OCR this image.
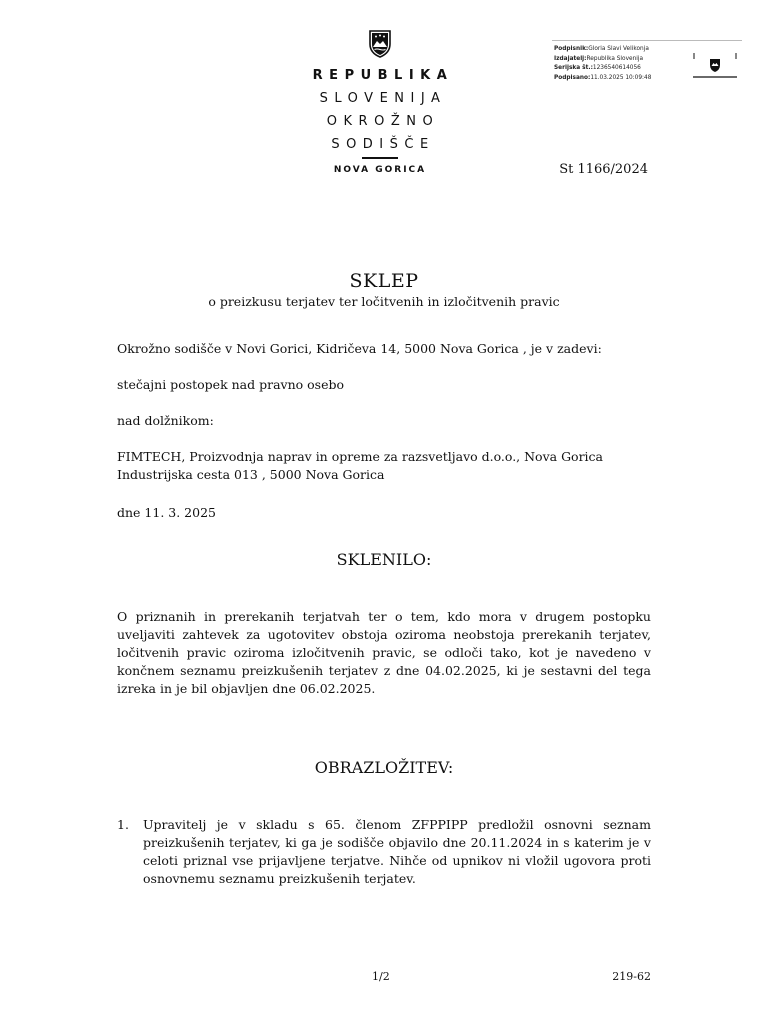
REPUBLIKA
SLOVENIJA
OKROŽNO
SODIŠČE
NOVA GORICA
Podpisnik:Gloria Slavi Velikonja
Izdajatelj:Republika Slovenija
Serijska št.:1236540614056
Podpisano:11.03.2025 10:09:48
St 1166/2024
SKLEP
o preizkusu terjatev ter ločitvenih in izločitvenih pravic
Okrožno sodišče v Novi Gorici, Kidričeva 14, 5000 Nova Gorica , je v zadevi:
stečajni postopek nad pravno osebo
nad dolžnikom:
FIMTECH, Proizvodnja naprav in opreme za razsvetljavo d.o.o., Nova Gorica
Industrijska cesta 013 , 5000 Nova Gorica
dne 11. 3. 2025
SKLENILO:
O priznanih in prerekanih terjatvah ter o tem, kdo mora v drugem postopku uveljaviti zahtevek za ugotovitev obstoja oziroma neobstoja prerekanih terjatev, ločitvenih pravic oziroma izločitvenih pravic, se odloči tako, kot je navedeno v končnem seznamu preizkušenih terjatev z dne 04.02.2025, ki je sestavni del tega izreka in je bil objavljen dne 06.02.2025.
OBRAZLOŽITEV:
1. Upravitelj je v skladu s 65. členom ZFPPIPP predložil osnovni seznam preizkušenih terjatev, ki ga je sodišče objavilo dne 20.11.2024 in s katerim je v celoti priznal vse prijavljene terjatve. Nihče od upnikov ni vložil ugovora proti osnovnemu seznamu preizkušenih terjatev.
1/2	219-62
